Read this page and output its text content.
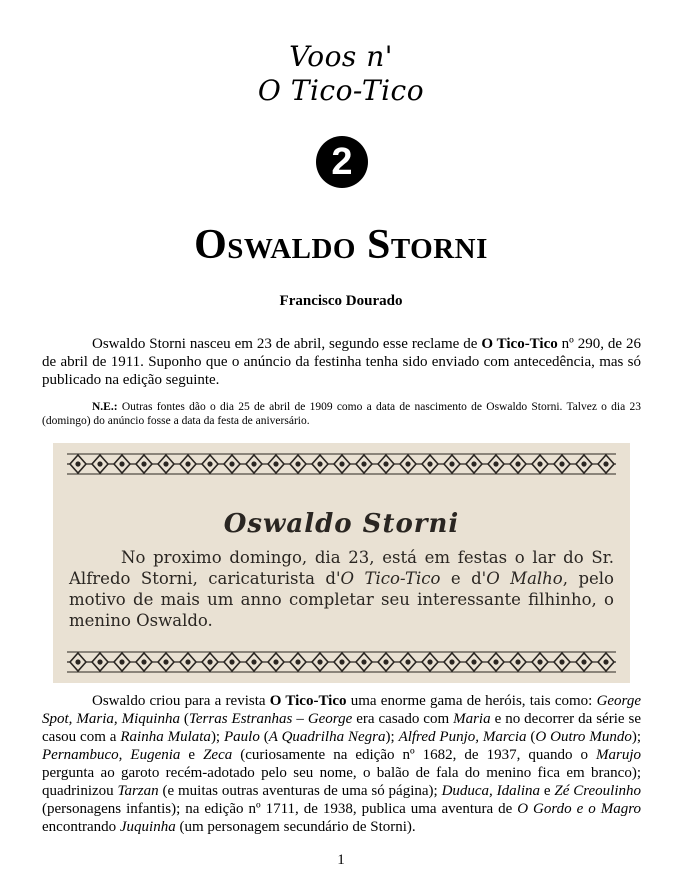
Voos n'
O Tico-Tico
2
Oswaldo Storni
Francisco Dourado
Oswaldo Storni nasceu em 23 de abril, segundo esse reclame de O Tico-Tico nº 290, de 26 de abril de 1911. Suponho que o anúncio da festinha tenha sido enviado com antecedência, mas só publicado na edição seguinte.
N.E.: Outras fontes dão o dia 25 de abril de 1909 como a data de nascimento de Oswaldo Storni. Talvez o dia 23 (domingo) do anúncio fosse a data da festa de aniversário.
Oswaldo Storni
No proximo domingo, dia 23, está em festas o lar do Sr. Alfredo Storni, caricaturista d'O Tico-Tico e d'O Malho, pelo motivo de mais um anno completar seu interessante filhinho, o menino Oswaldo.
Oswaldo criou para a revista O Tico-Tico uma enorme gama de heróis, tais como: George Spot, Maria, Miquinha (Terras Estranhas – George era casado com Maria e no decorrer da série se casou com a Rainha Mulata); Paulo (A Quadrilha Negra); Alfred Punjo, Marcia (O Outro Mundo); Pernambuco, Eugenia e Zeca (curiosamente na edição nº 1682, de 1937, quando o Marujo pergunta ao garoto recém-adotado pelo seu nome, o balão de fala do menino fica em branco); quadrinizou Tarzan (e muitas outras aventuras de uma só página); Duduca, Idalina e Zé Creoulinho (personagens infantis); na edição nº 1711, de 1938, publica uma aventura de O Gordo e o Magro encontrando Juquinha (um personagem secundário de Storni).
1
